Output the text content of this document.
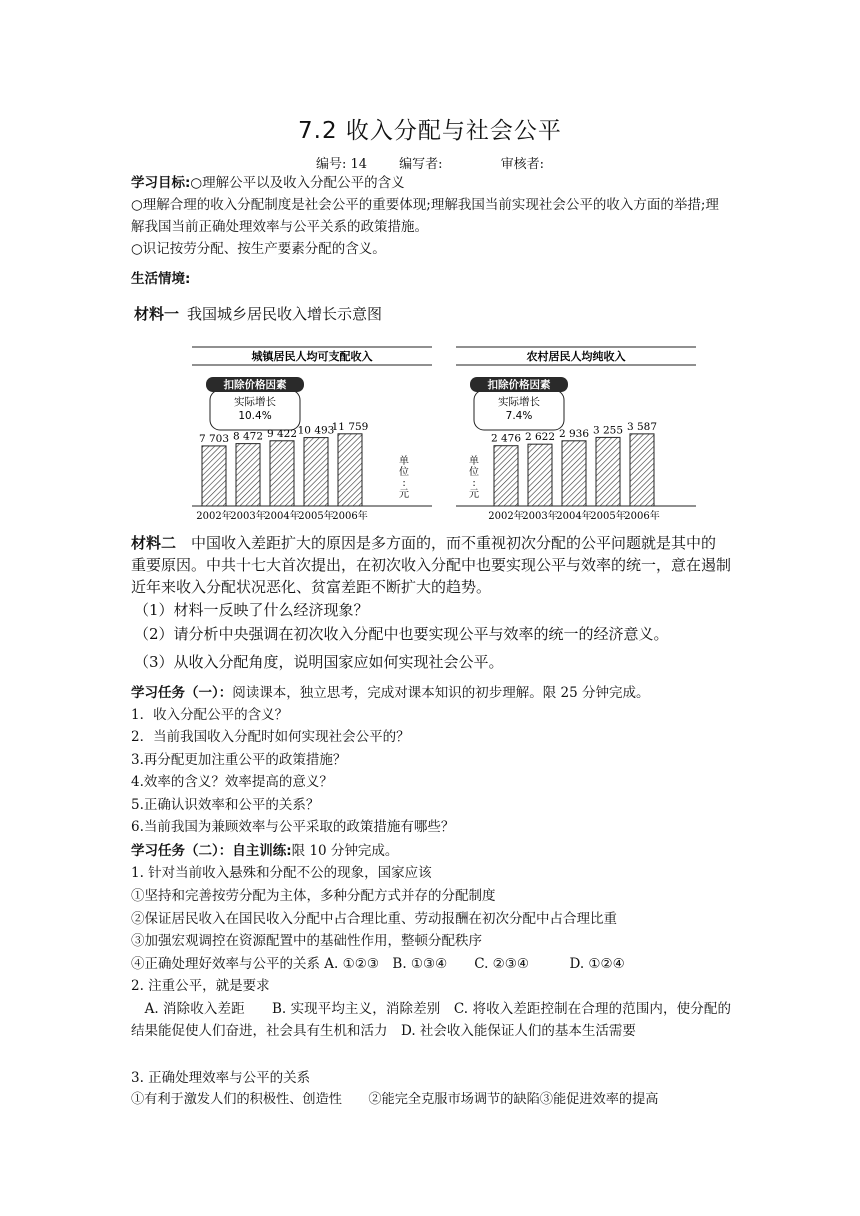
7.2 收入分配与社会公平
编号: 14 编写者:	审核者:
学习目标:○理解公平以及收入分配公平的含义
○理解合理的收入分配制度是社会公平的重要体现;理解我国当前实现社会公平的收入方面的举措;理解我国当前正确处理效率与公平关系的政策措施。
○识记按劳分配、按生产要素分配的含义。
生活情境:
材料一 我国城乡居民收入增长示意图
城镇居民人均可支配收入
扣除价格因素
实际增长
10.4%
7 703
2002年
8 472
2003年
9 422
2004年
10 493
2005年
11 759
2006年
单
位
:
元
农村居民人均纯收入
扣除价格因素
实际增长
7.4%
2 476
2002年
2 622
2003年
2 936
2004年
3 255
2005年
3 587
2006年
单
位
:
元
材料二　 中国收入差距扩大的原因是多方面的，而不重视初次分配的公平问题就是其中的重要原因。中共十七大首次提出，在初次收入分配中也要实现公平与效率的统一，意在遏制近年来收入分配状况恶化、贫富差距不断扩大的趋势。
（1）材料一反映了什么经济现象？
（2）请分析中央强调在初次收入分配中也要实现公平与效率的统一的经济意义。
（3）从收入分配角度，说明国家应如何实现社会公平。
学习任务（一）：阅读课本，独立思考，完成对课本知识的初步理解。限 25 分钟完成。
1．收入分配公平的含义？
2．当前我国收入分配时如何实现社会公平的？
3.再分配更加注重公平的政策措施？
4.效率的含义？效率提高的意义？
5.正确认识效率和公平的关系？
6.当前我国为兼顾效率与公平采取的政策措施有哪些？
学习任务（二）：自主训练:限 10 分钟完成。
1. 针对当前收入悬殊和分配不公的现象，国家应该
①坚持和完善按劳分配为主体，多种分配方式并存的分配制度
②保证居民收入在国民收入分配中占合理比重、劳动报酬在初次分配中占合理比重
③加强宏观调控在资源配置中的基础性作用，整顿分配秩序
④正确处理好效率与公平的关系 A. ①②③　B. ①③④　　C. ②③④　　　D. ①②④
2. 注重公平，就是要求
　A. 消除收入差距　　B. 实现平均主义，消除差别　C. 将收入差距控制在合理的范围内，使分配的结果能促使人们奋进，社会具有生机和活力　D. 社会收入能保证人们的基本生活需要
3. 正确处理效率与公平的关系
①有利于激发人们的积极性、创造性　　②能完全克服市场调节的缺陷③能促进效率的提高
